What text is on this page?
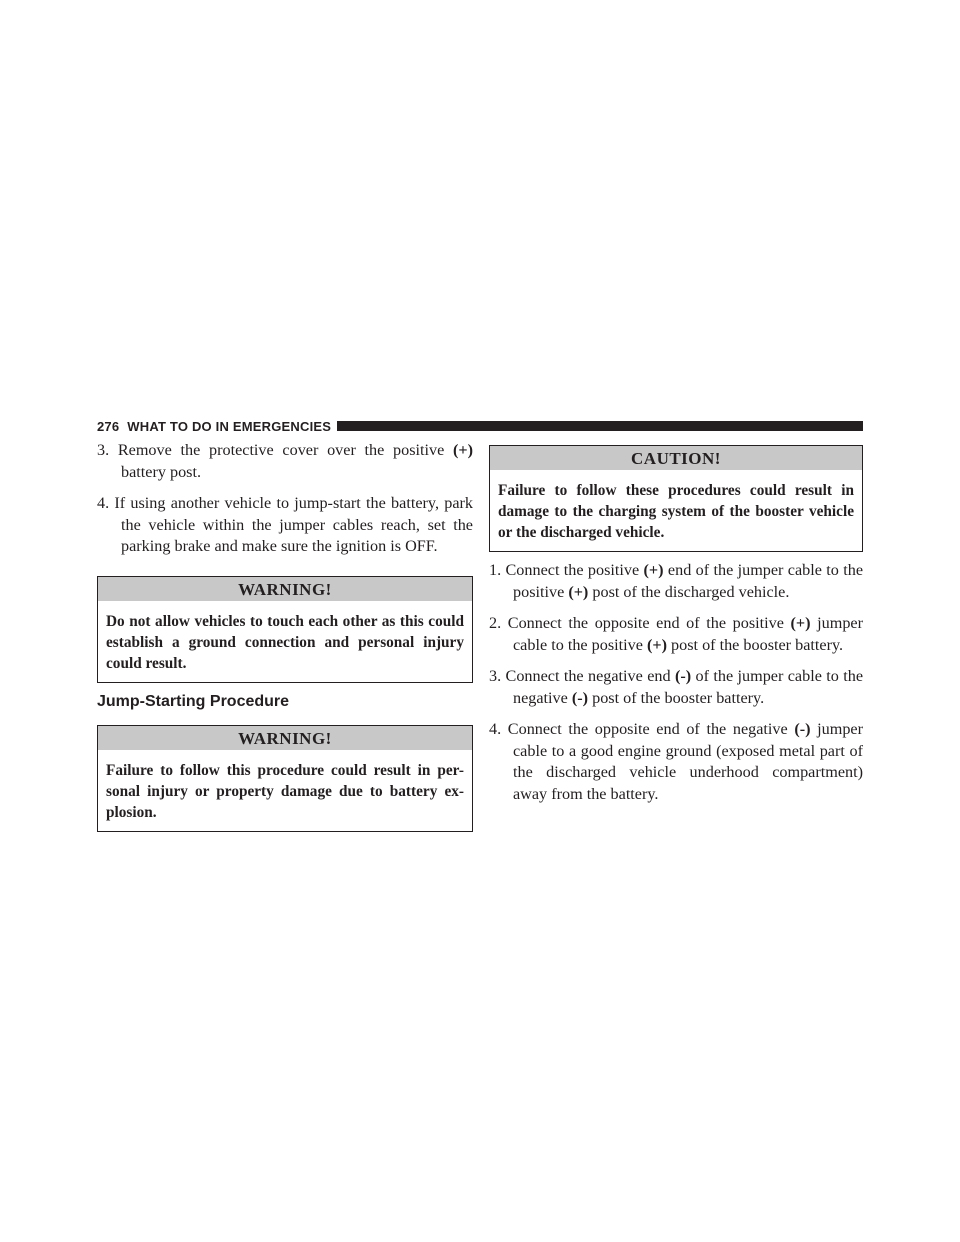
276 WHAT TO DO IN EMERGENCIES

3. Remove the protective cover over the positive (+) battery post.

4. If using another vehicle to jump-start the battery, park the vehicle within the jumper cables reach, set the parking brake and make sure the ignition is OFF.

WARNING!
Do not allow vehicles to touch each other as this could establish a ground connection and personal injury could result.
Jump-Starting Procedure
WARNING!
Failure to follow this procedure could result in per-sonal injury or property damage due to battery ex-plosion.
CAUTION!
Failure to follow these procedures could result in damage to the charging system of the booster vehicle or the discharged vehicle.

1. Connect the positive (+) end of the jumper cable to the positive (+) post of the discharged vehicle.

2. Connect the opposite end of the positive (+) jumper cable to the positive (+) post of the booster battery.

3. Connect the negative end (-) of the jumper cable to the negative (-) post of the booster battery.

4. Connect the opposite end of the negative (-) jumper cable to a good engine ground (exposed metal part of the discharged vehicle underhood compartment) away from the battery.
